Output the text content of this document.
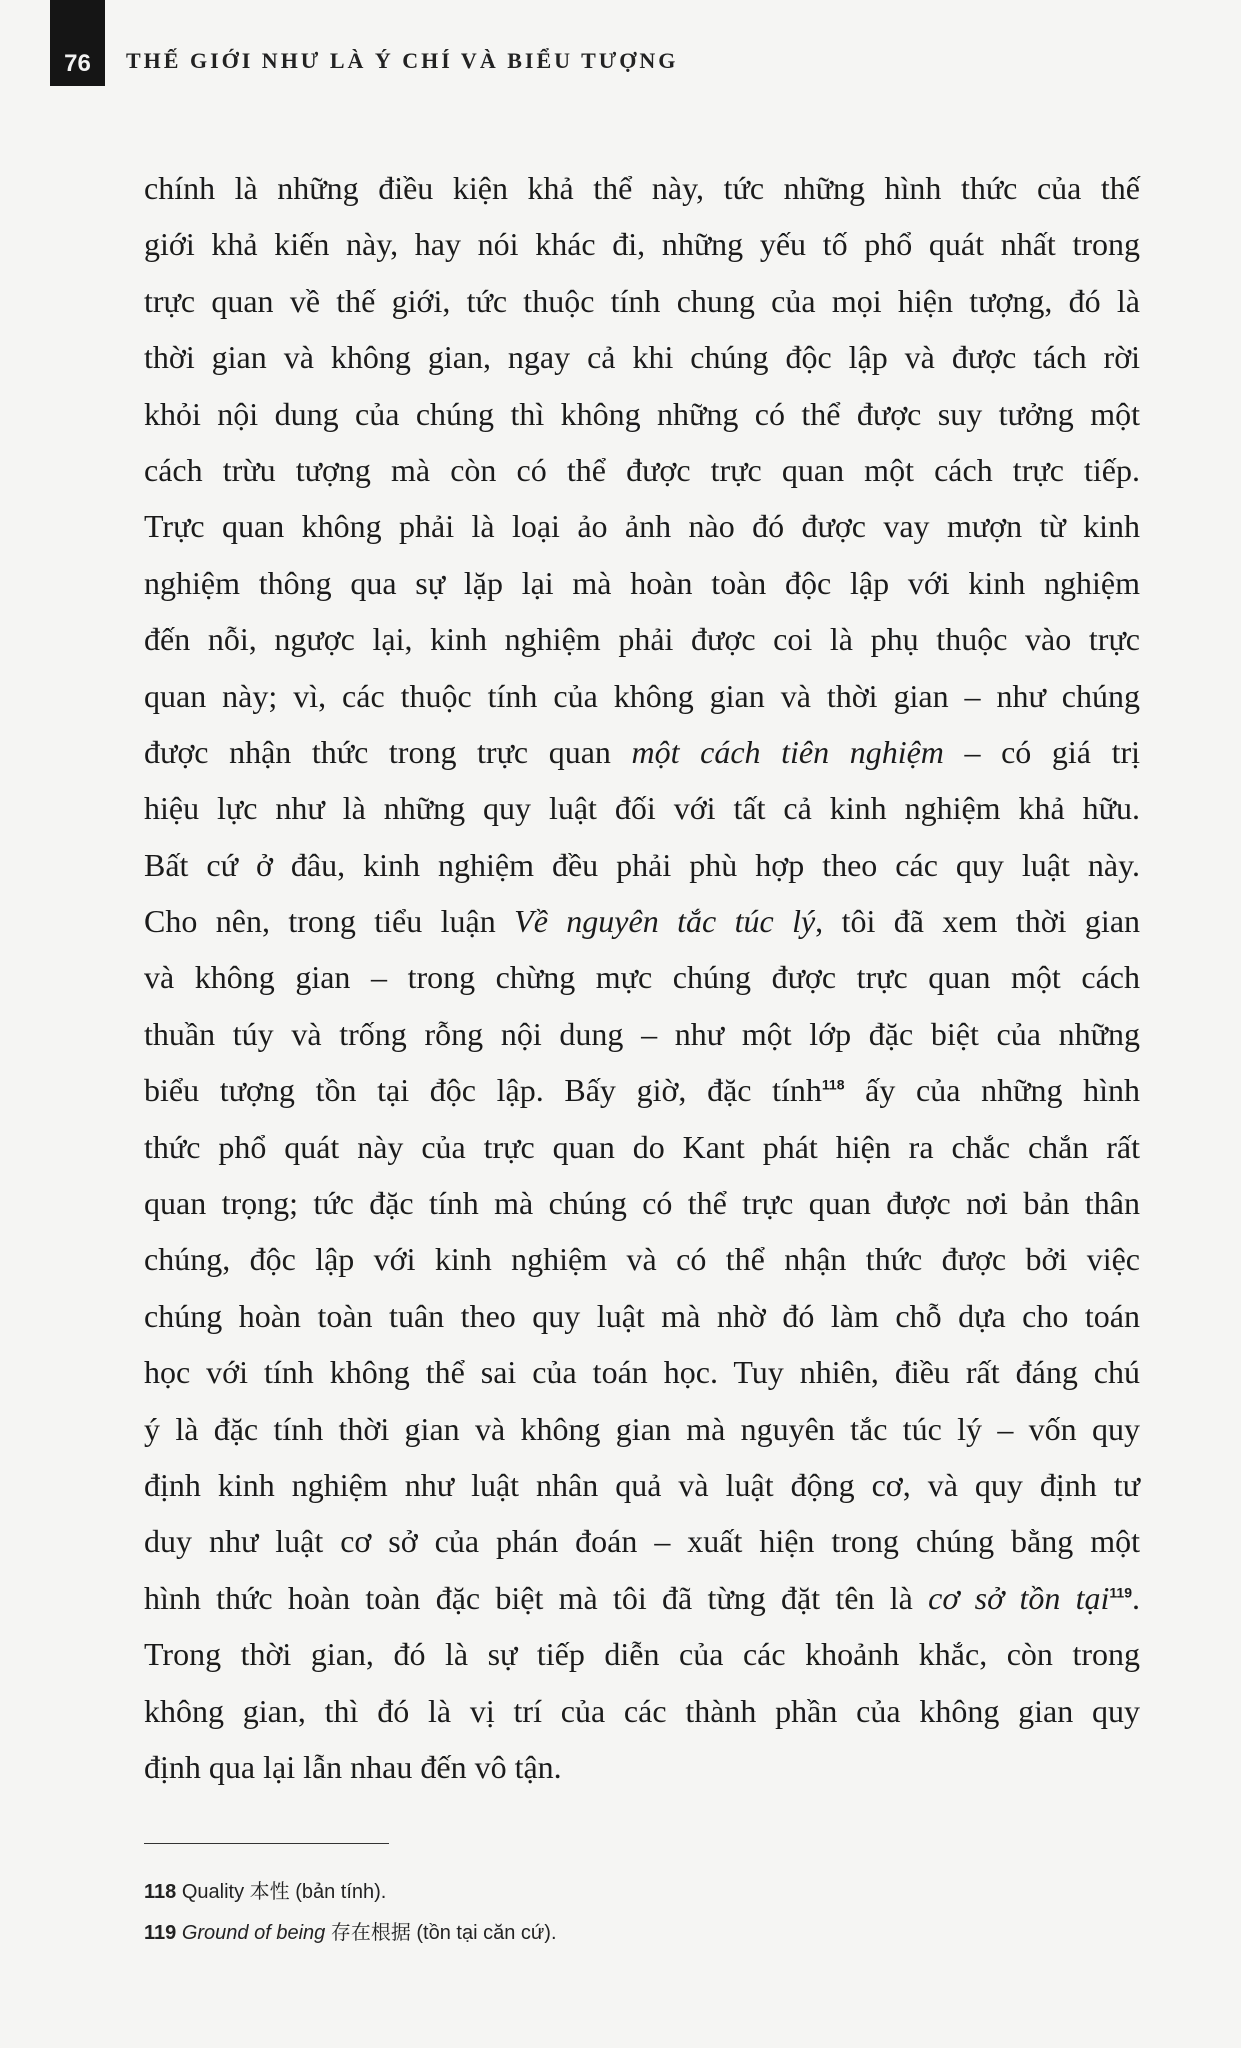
76 THẾ GIỚI NHƯ LÀ Ý CHÍ VÀ BIỂU TƯỢNG
chính là những điều kiện khả thể này, tức những hình thức của thế
giới khả kiến này, hay nói khác đi, những yếu tố phổ quát nhất trong
trực quan về thế giới, tức thuộc tính chung của mọi hiện tượng, đó là
thời gian và không gian, ngay cả khi chúng độc lập và được tách rời
khỏi nội dung của chúng thì không những có thể được suy tưởng một
cách trừu tượng mà còn có thể được trực quan một cách trực tiếp.
Trực quan không phải là loại ảo ảnh nào đó được vay mượn từ kinh
nghiệm thông qua sự lặp lại mà hoàn toàn độc lập với kinh nghiệm
đến nỗi, ngược lại, kinh nghiệm phải được coi là phụ thuộc vào trực
quan này; vì, các thuộc tính của không gian và thời gian – như chúng
được nhận thức trong trực quan một cách tiên nghiệm – có giá trị
hiệu lực như là những quy luật đối với tất cả kinh nghiệm khả hữu.
Bất cứ ở đâu, kinh nghiệm đều phải phù hợp theo các quy luật này.
Cho nên, trong tiểu luận Về nguyên tắc túc lý, tôi đã xem thời gian
và không gian – trong chừng mực chúng được trực quan một cách
thuần túy và trống rỗng nội dung – như một lớp đặc biệt của những
biểu tượng tồn tại độc lập. Bấy giờ, đặc tính$^{118}$ ấy của những hình
thức phổ quát này của trực quan do Kant phát hiện ra chắc chắn rất
quan trọng; tức đặc tính mà chúng có thể trực quan được nơi bản thân
chúng, độc lập với kinh nghiệm và có thể nhận thức được bởi việc
chúng hoàn toàn tuân theo quy luật mà nhờ đó làm chỗ dựa cho toán
học với tính không thể sai của toán học. Tuy nhiên, điều rất đáng chú
ý là đặc tính thời gian và không gian mà nguyên tắc túc lý – vốn quy
định kinh nghiệm như luật nhân quả và luật động cơ, và quy định tư
duy như luật cơ sở của phán đoán – xuất hiện trong chúng bằng một
hình thức hoàn toàn đặc biệt mà tôi đã từng đặt tên là cơ sở tồn tại$^{119}$.
Trong thời gian, đó là sự tiếp diễn của các khoảnh khắc, còn trong
không gian, thì đó là vị trí của các thành phần của không gian quy
định qua lại lẫn nhau đến vô tận.
118 Quality 本性 (bản tính).
119 Ground of being 存在根据 (tồn tại căn cứ).
